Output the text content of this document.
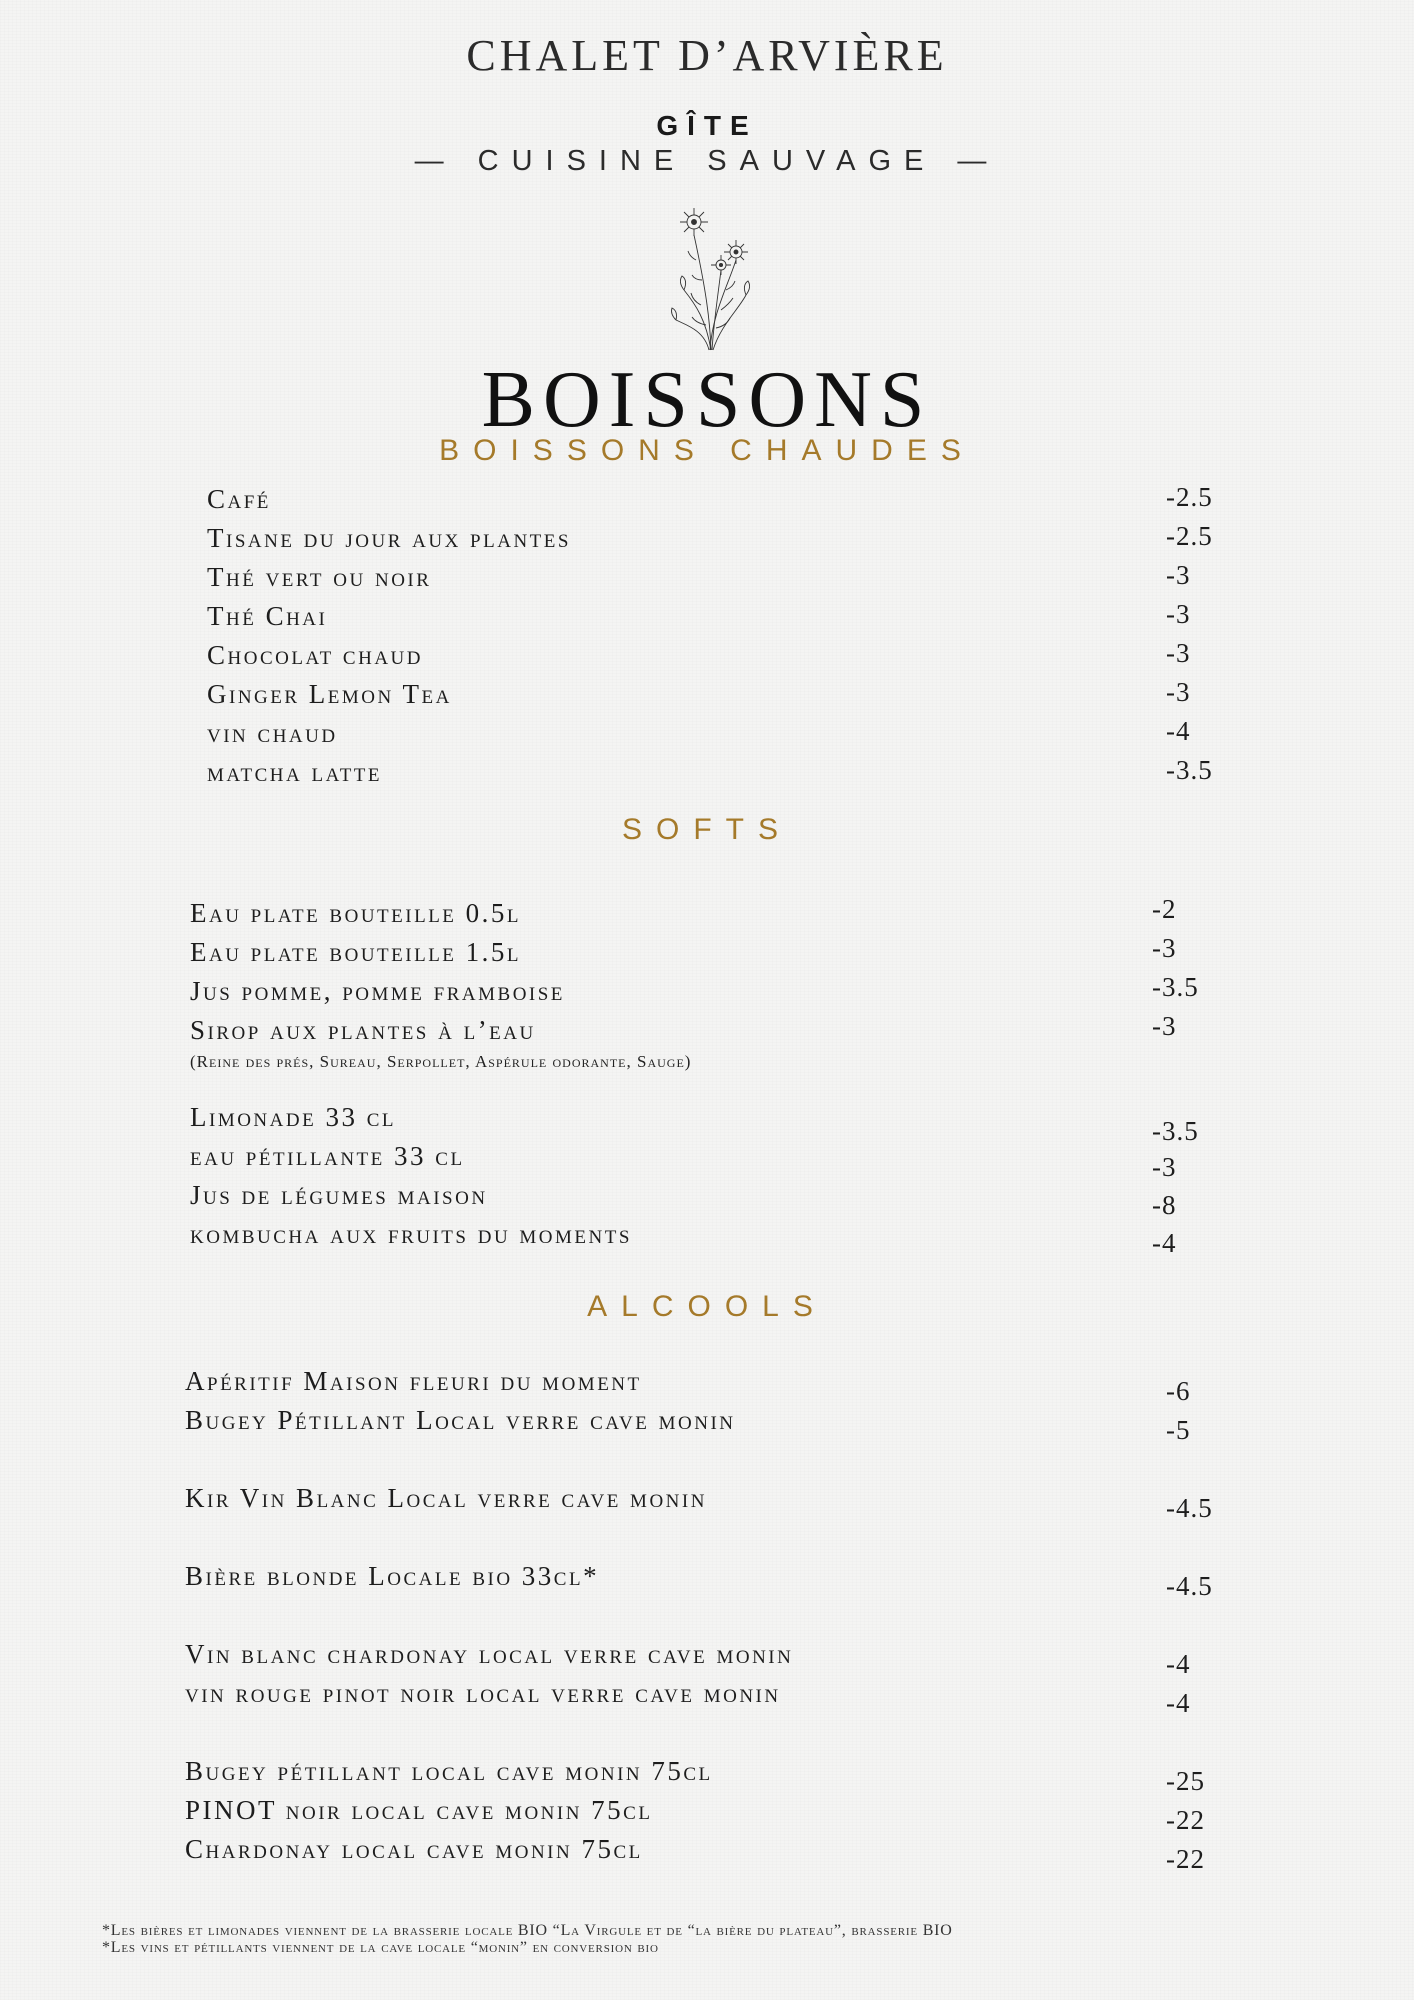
CHALET D’ARVIÈRE
GÎTE
— CUISINE SAUVAGE —
BOISSONS
BOISSONS CHAUDES
Café	-2.5
Tisane du jour aux plantes	-2.5
Thé vert ou noir	-3
Thé Chai	-3
Chocolat chaud	-3
Ginger Lemon Tea	-3
vin chaud	-4
matcha latte	-3.5
SOFTS
Eau plate bouteille 0.5l	-2
Eau plate bouteille 1.5l	-3
Jus pomme, pomme framboise	-3.5
Sirop aux plantes à l’eau	-3
(Reine des prés, Sureau, Serpollet, Aspérule odorante, Sauge)
Limonade 33 cl	-3.5
eau pétillante 33 cl	-3
Jus de légumes maison	-8
kombucha aux fruits du moments	-4
ALCOOLS
Apéritif Maison fleuri du moment	-6
Bugey Pétillant Local verre cave monin	-5
Kir Vin Blanc Local verre cave monin	-4.5
Bière blonde Locale bio 33cl*	-4.5
Vin blanc chardonay local verre cave monin	-4
vin rouge pinot noir local verre cave monin	-4
Bugey pétillant local cave monin 75cl	-25
PINOT noir local cave monin 75cl	-22
Chardonay local cave monin 75cl	-22
*Les bières et limonades viennent de la brasserie locale BIO “La Virgule et de “la bière du plateau”, brasserie BIO
*Les vins et pétillants viennent de la cave locale “monin” en conversion bio
